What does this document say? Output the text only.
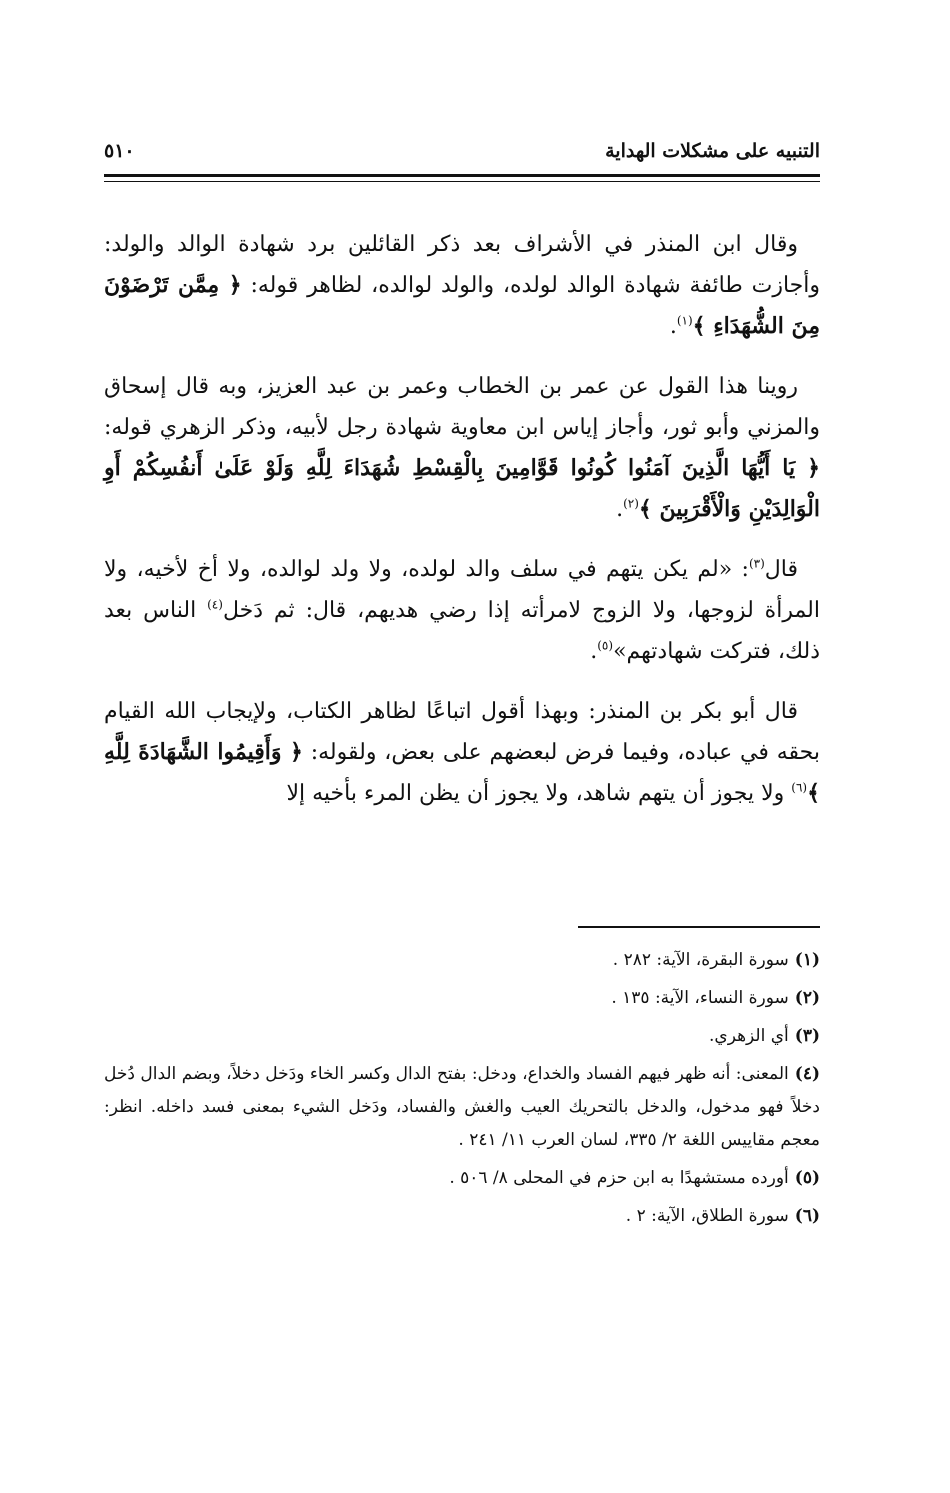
التنبيه على مشكلات الهداية
٥١٠

وقال ابن المنذر في الأشراف بعد ذكر القائلين برد شهادة الوالد والولد: وأجازت طائفة شهادة الوالد لولده، والولد لوالده، لظاهر قوله: ﴿ مِمَّن تَرْضَوْنَ مِنَ الشُّهَدَاءِ ﴾$^{(١)}$.

روينا هذا القول عن عمر بن الخطاب وعمر بن عبد العزيز، وبه قال إسحاق والمزني وأبو ثور، وأجاز إياس ابن معاوية شهادة رجل لأبيه، وذكر الزهري قوله: ﴿ يَا أَيُّهَا الَّذِينَ آمَنُوا كُونُوا قَوَّامِينَ بِالْقِسْطِ شُهَدَاءَ لِلَّهِ وَلَوْ عَلَىٰ أَنفُسِكُمْ أَوِ الْوَالِدَيْنِ وَالْأَقْرَبِينَ ﴾$^{(٢)}$.

قال$^{(٣)}$: «لم يكن يتهم في سلف والد لولده، ولا ولد لوالده، ولا أخ لأخيه، ولا المرأة لزوجها، ولا الزوج لامرأته إذا رضي هديهم، قال: ثم دَخل$^{(٤)}$ الناس بعد ذلك، فتركت شهادتهم»$^{(٥)}$.

قال أبو بكر بن المنذر: وبهذا أقول اتباعًا لظاهر الكتاب، ولإيجاب الله القيام بحقه في عباده، وفيما فرض لبعضهم على بعض، ولقوله: ﴿ وَأَقِيمُوا الشَّهَادَةَ لِلَّهِ ﴾$^{(٦)}$ ولا يجوز أن يتهم شاهد، ولا يجوز أن يظن المرء بأخيه إلا

(١)سورة البقرة، الآية: ٢٨٢ .

(٢)سورة النساء، الآية: ١٣٥ .

(٣)أي الزهري.

(٤)المعنى: أنه ظهر فيهم الفساد والخداع، ودخل: بفتح الدال وكسر الخاء ودَخل دخلاً، وبضم الدال دُخل دخلاً فهو مدخول، والدخل بالتحريك العيب والغش والفساد، ودَخل الشيء بمعنى فسد داخله. انظر: معجم مقاييس اللغة ٢/ ٣٣٥، لسان العرب ١١/ ٢٤١ .

(٥)أورده مستشهدًا به ابن حزم في المحلى ٨/ ٥٠٦ .

(٦)سورة الطلاق، الآية: ٢ .
